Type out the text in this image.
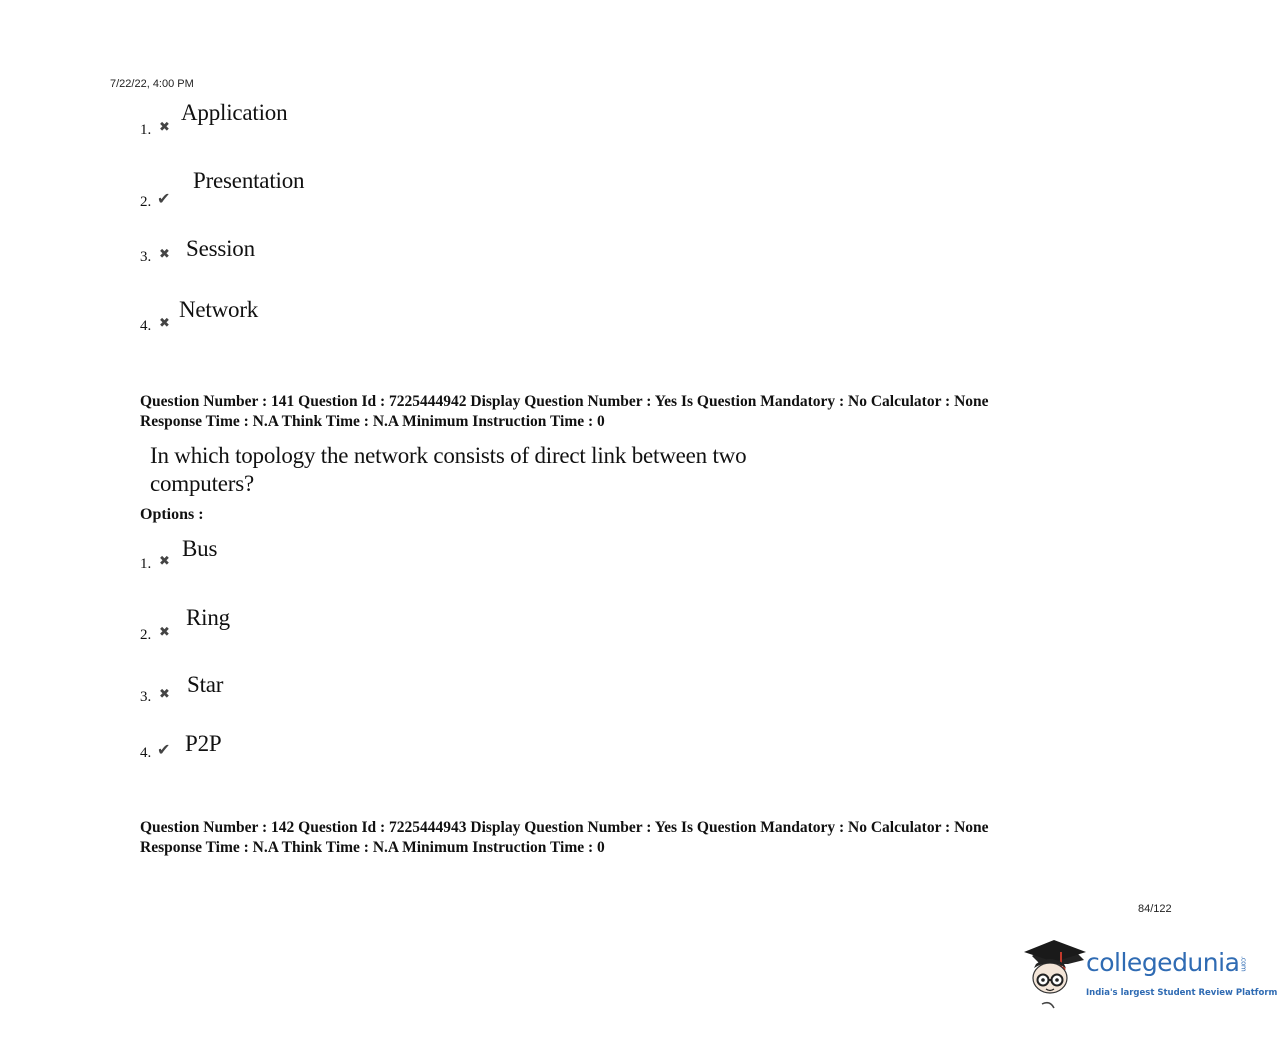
7/22/22, 4:00 PM
1. ✖
Application
2. ✔
Presentation
3. ✖ Session
4. ✖
Network
Question Number : 141 Question Id : 7225444942 Display Question Number : Yes Is Question Mandatory : No Calculator : None
Response Time : N.A Think Time : N.A Minimum Instruction Time : 0
In which topology the network consists of direct link between two
computers?
Options :
1. ✖
Bus
2. ✖
Ring
3. ✖ Star
4. ✔ P2P
Question Number : 142 Question Id : 7225444943 Display Question Number : Yes Is Question Mandatory : No Calculator : None
Response Time : N.A Think Time : N.A Minimum Instruction Time : 0
84/122
collegedunia.com
India's largest Student Review Platform
